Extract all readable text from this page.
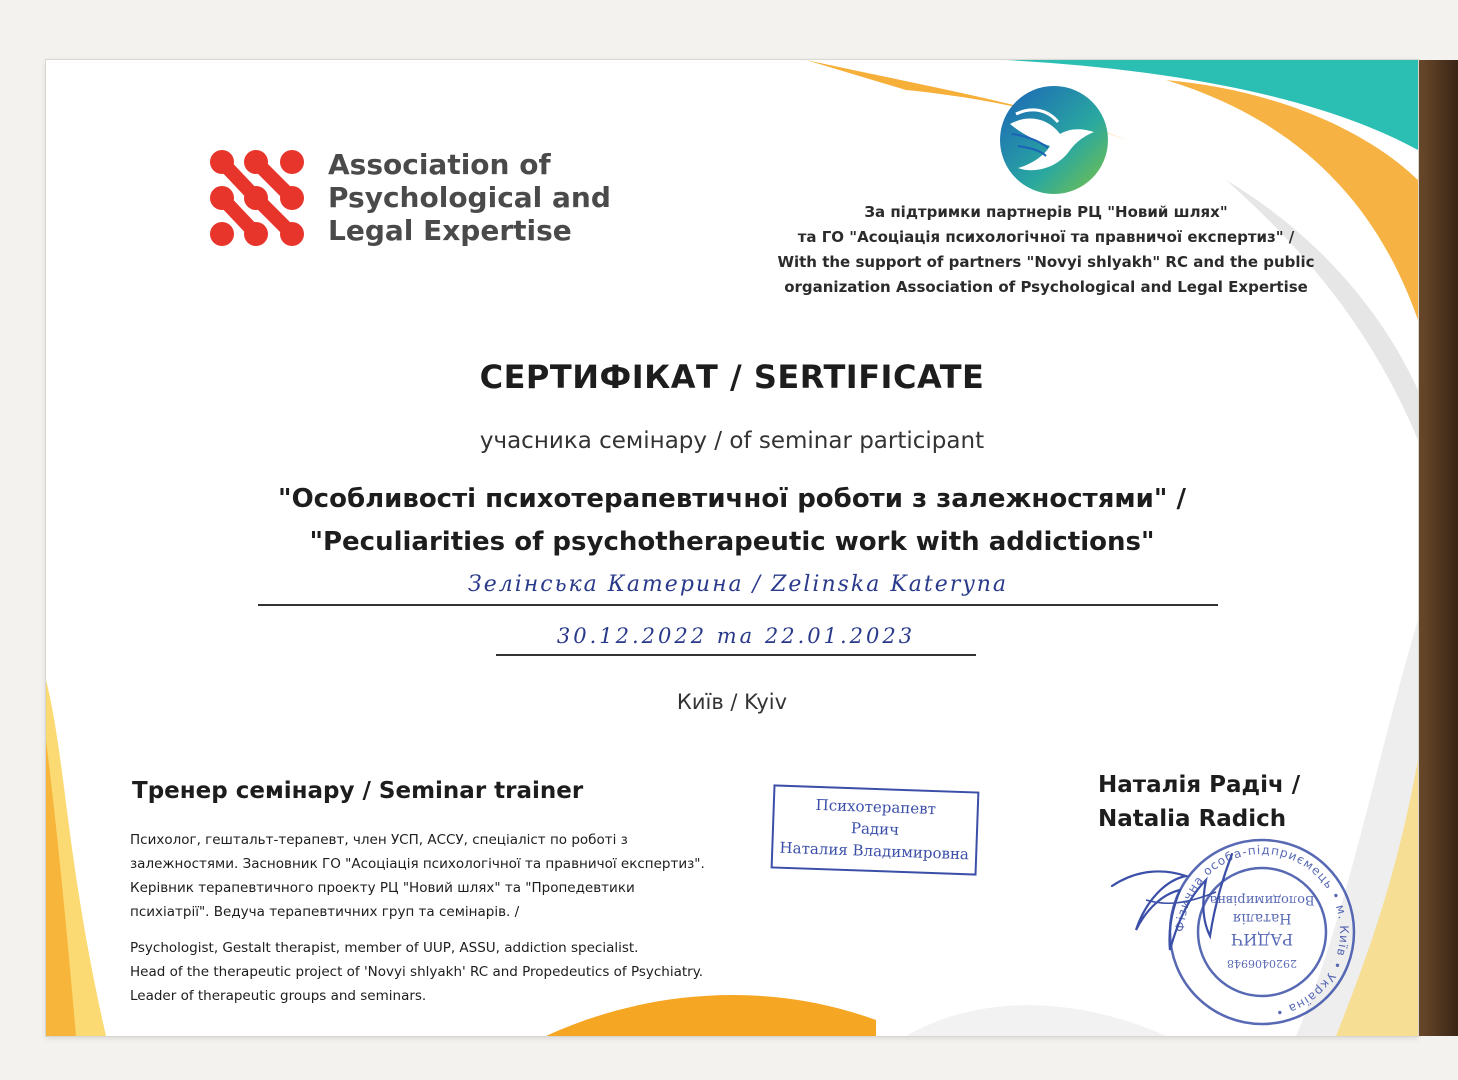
Association of
Psychological and
Legal Expertise
За підтримки партнерів РЦ "Новий шлях"
та ГО "Асоціація психологічної та правничої експертиз" /
With the support of partners "Novyi shlyakh" RC and the public
organization Association of Psychological and Legal Expertise
СЕРТИФІКАТ / SERTIFICATE
учасника семінару / of seminar participant
"Особливості психотерапевтичної роботи з залежностями" /
"Peculiarities of psychotherapeutic work with addictions"
Зелінська Катерина / Zelinska Kateryna
30.12.2022 та 22.01.2023
Київ / Kyiv
Тренер семінару / Seminar trainer
Психолог, гештальт-терапевт, член УСП, АССУ, спеціаліст по роботі з
залежностями. Засновник ГО "Асоціація психологічної та правничої експертиз".
Керівник терапевтичного проекту РЦ "Новий шлях" та "Пропедевтики
психіатрії". Ведуча терапевтичних груп та семінарів. /
Psychologist, Gestalt therapist, member of UUP, ASSU, addiction specialist.
Head of the therapeutic project of 'Novyi shlyakh' RC and Propedeutics of Psychiatry.
Leader of therapeutic groups and seminars.
Психотерапевт
Радич
Наталия Владимировна
Наталія Радіч /
Natalia Radich
Фізична особа-підприємець • м. Київ • Україна •
2920406948
РАДИЧ
Наталія
Володимирівна
